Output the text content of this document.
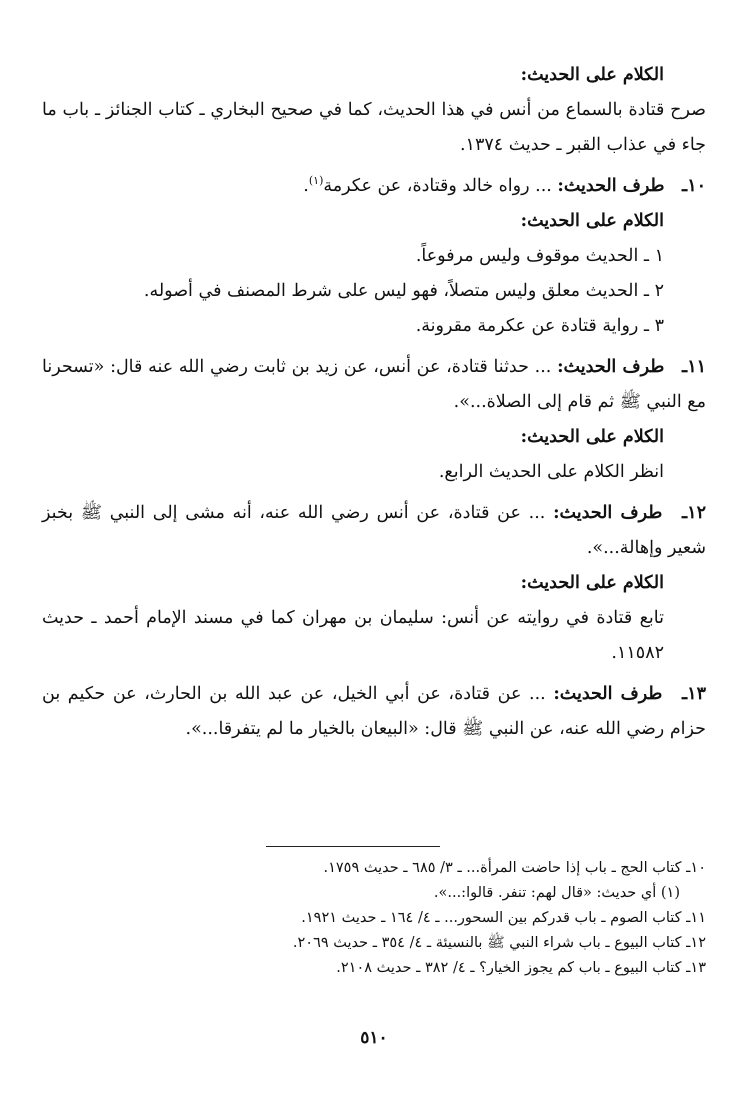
الكلام على الحديث:
صرح قتادة بالسماع من أنس في هذا الحديث، كما في صحيح البخاري ـ كتاب الجنائز ـ باب ما جاء في عذاب القبر ـ حديث ١٣٧٤.
١٠ـ طرف الحديث: ... رواه خالد وقتادة، عن عكرمة$^{(١)}$.
الكلام على الحديث:
١ ـ الحديث موقوف وليس مرفوعاً.
٢ ـ الحديث معلق وليس متصلاً، فهو ليس على شرط المصنف في أصوله.
٣ ـ رواية قتادة عن عكرمة مقرونة.
١١ـ طرف الحديث: ... حدثنا قتادة، عن أنس، عن زيد بن ثابت رضي الله عنه قال: «تسحرنا مع النبي ﷺ ثم قام إلى الصلاة...».
الكلام على الحديث:
انظر الكلام على الحديث الرابع.
١٢ـ طرف الحديث: ... عن قتادة، عن أنس رضي الله عنه، أنه مشى إلى النبي ﷺ بخبز شعير وإهالة...».
الكلام على الحديث:
تابع قتادة في روايته عن أنس: سليمان بن مهران كما في مسند الإمام أحمد ـ حديث ١١٥٨٢.
١٣ـ طرف الحديث: ... عن قتادة، عن أبي الخيل، عن عبد الله بن الحارث، عن حكيم بن حزام رضي الله عنه، عن النبي ﷺ قال: «البيعان بالخيار ما لم يتفرقا...».
١٠ـ كتاب الحج ـ باب إذا حاضت المرأة... ـ ٣/ ٦٨٥ ـ حديث ١٧٥٩.
(١) أي حديث: «قال لهم: تنفر. قالوا:...».
١١ـ كتاب الصوم ـ باب قدركم بين السحور... ـ ٤/ ١٦٤ ـ حديث ١٩٢١.
١٢ـ كتاب البيوع ـ باب شراء النبي ﷺ بالنسيئة ـ ٤/ ٣٥٤ ـ حديث ٢٠٦٩.
١٣ـ كتاب البيوع ـ باب كم يجوز الخيار؟ ـ ٤/ ٣٨٢ ـ حديث ٢١٠٨.
٥١٠
